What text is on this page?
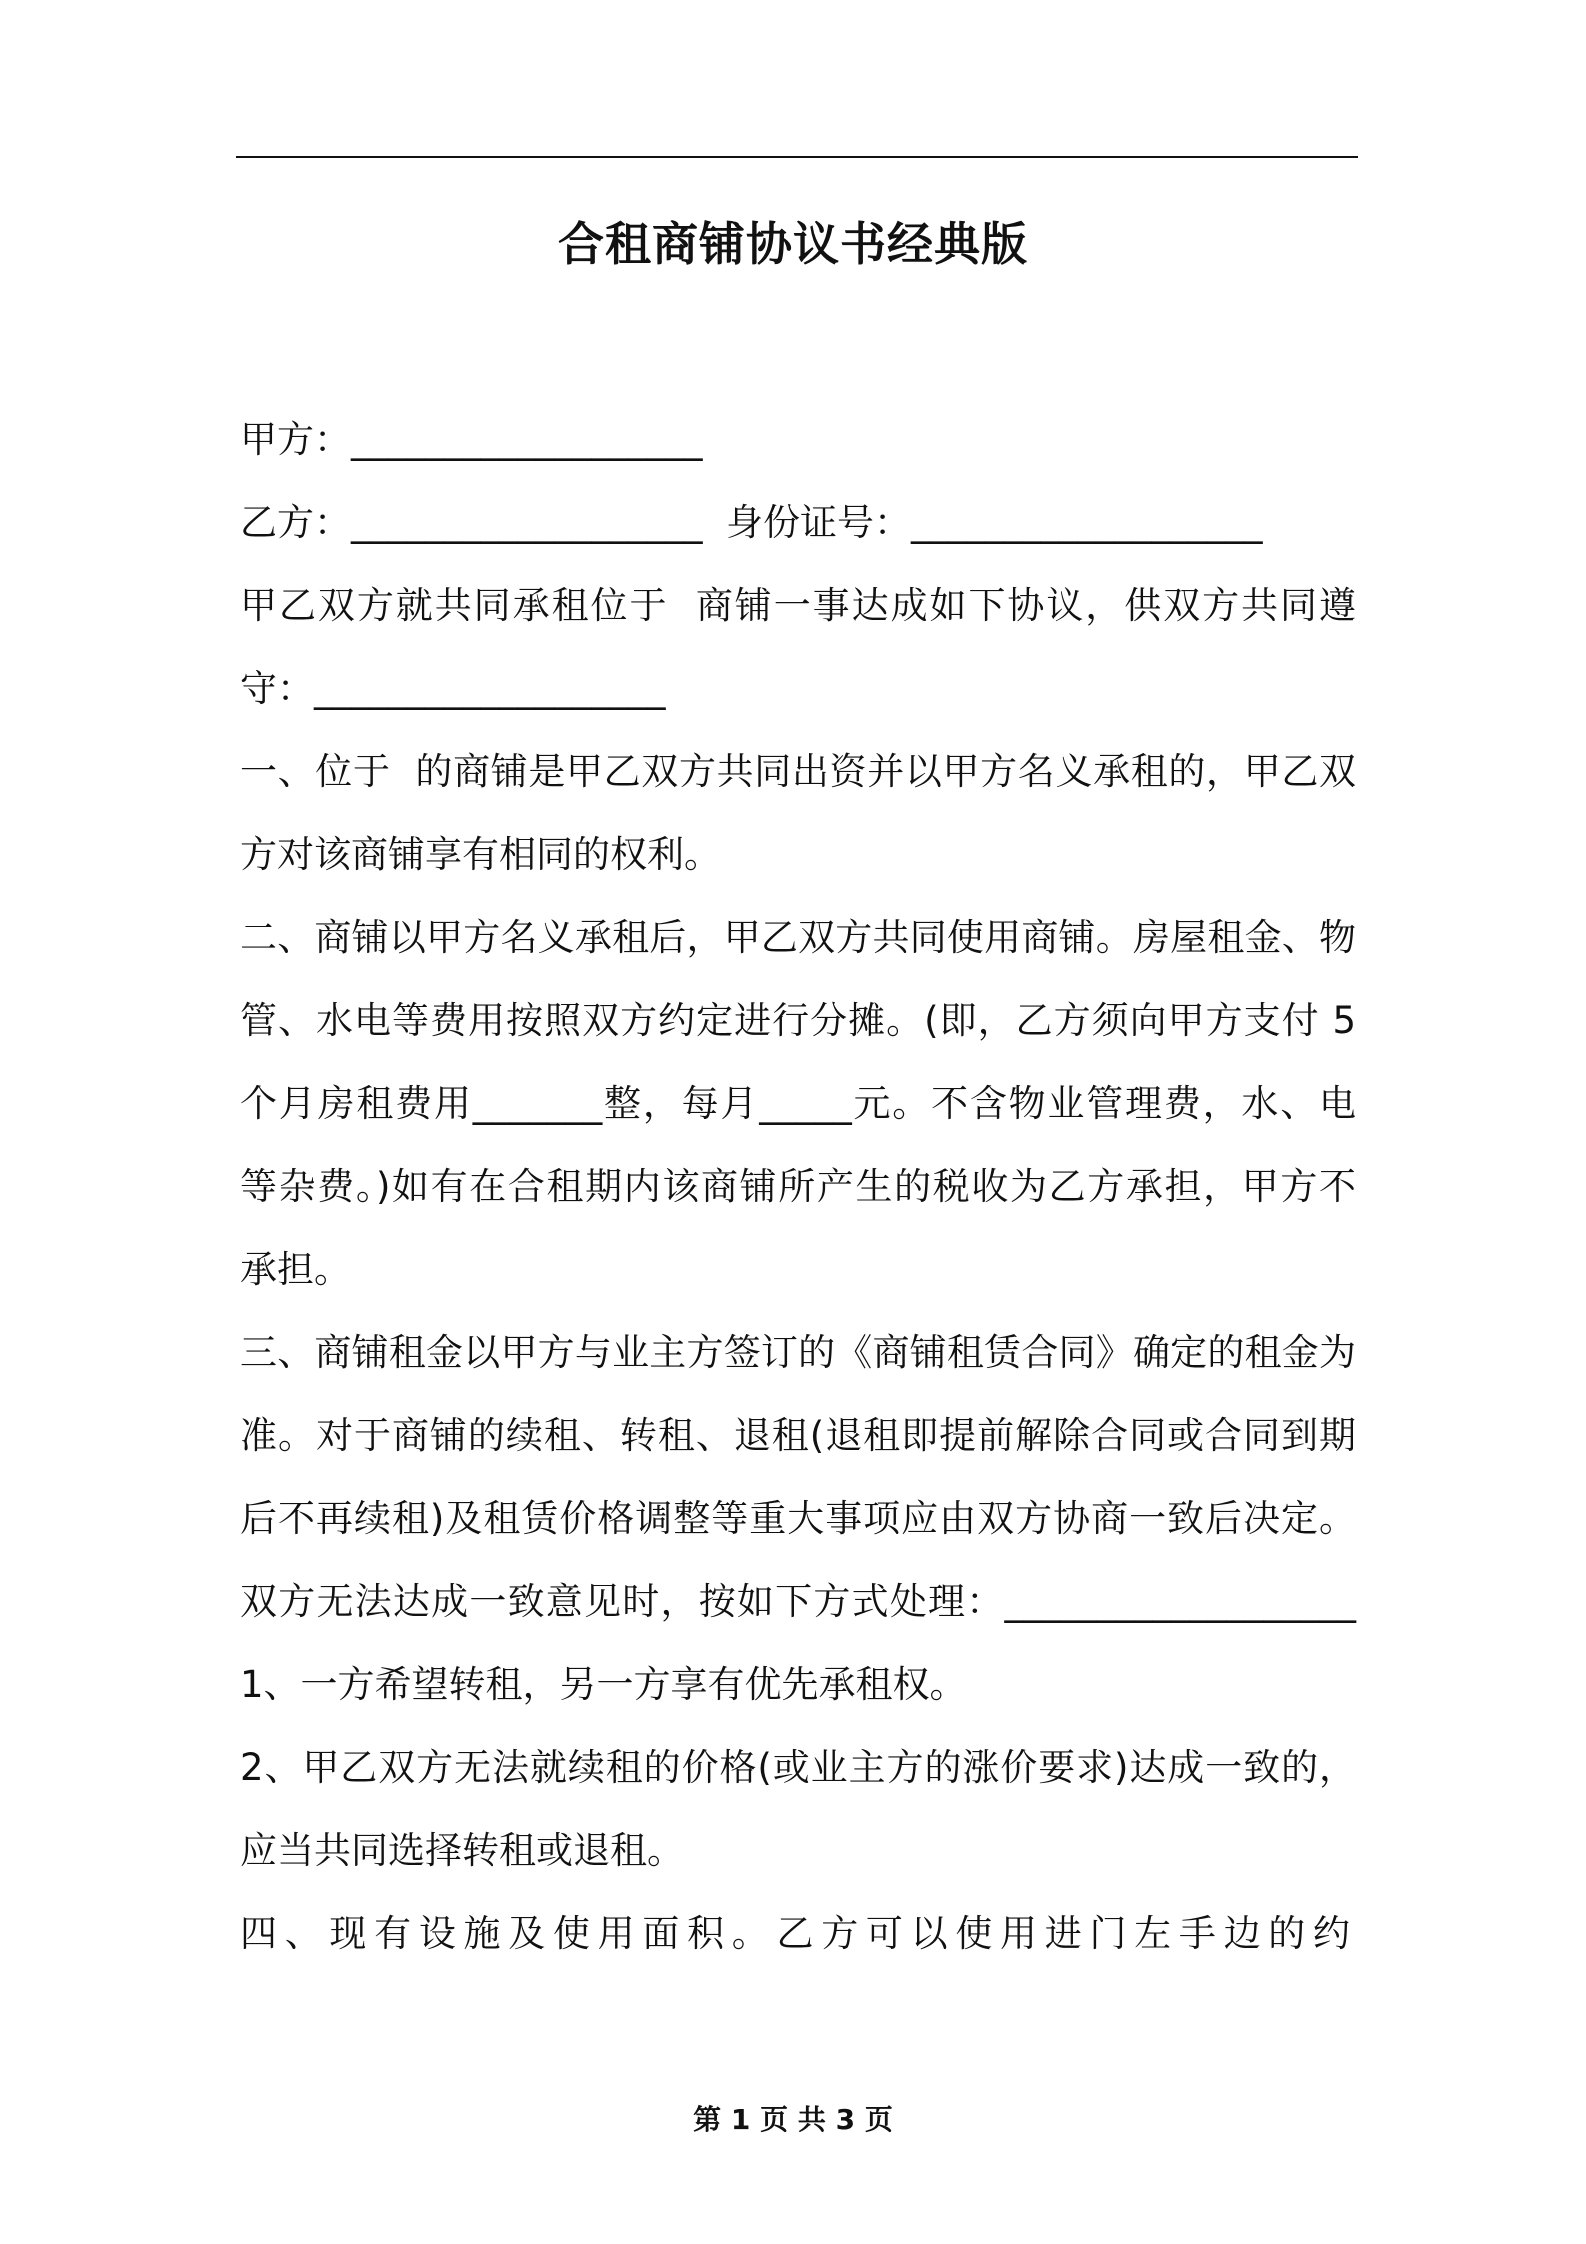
合租商铺协议书经典版
甲方：___________________
乙方：___________________  身份证号：___________________
甲乙双方就共同承租位于  商铺一事达成如下协议，供双方共同遵
守：___________________
一、位于  的商铺是甲乙双方共同出资并以甲方名义承租的，甲乙双
方对该商铺享有相同的权利。
二、商铺以甲方名义承租后，甲乙双方共同使用商铺。房屋租金、物
管、水电等费用按照双方约定进行分摊。(即，乙方须向甲方支付 5
个月房租费用_______整，每月_____元。不含物业管理费，水、电
等杂费。)如有在合租期内该商铺所产生的税收为乙方承担，甲方不
承担。
三、商铺租金以甲方与业主方签订的《商铺租赁合同》确定的租金为
准。对于商铺的续租、转租、退租(退租即提前解除合同或合同到期
后不再续租)及租赁价格调整等重大事项应由双方协商一致后决定。
双方无法达成一致意见时，按如下方式处理：___________________
1、一方希望转租，另一方享有优先承租权。
2、甲乙双方无法就续租的价格(或业主方的涨价要求)达成一致的，
应当共同选择转租或退租。
四、现有设施及使用面积。乙方可以使用进门左手边的约
第 1 页 共 3 页
